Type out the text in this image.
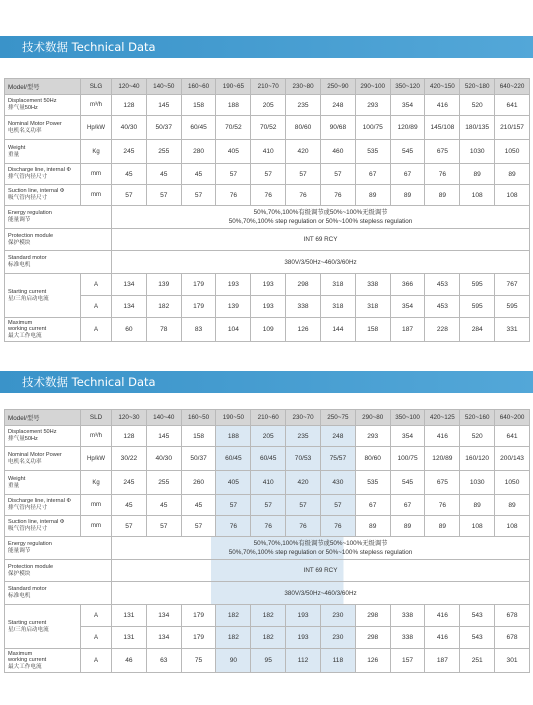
技术数据 Technical Data
Model/型号	SLG	120~40	140~50	160~60	190~65	210~70	230~80	250~90	290~100	350~120	420~150	520~180	640~220

Displacement 50Hz
排气量50Hz	m³/h	128	145	158	188	205	235	248	293	354	416	520	641

Nominal Motor Power
电机名义功率	Hp/kW	40/30	50/37	60/45	70/52	70/52	80/60	90/68	100/75	120/89	145/108	180/135	210/157

Weight
重量	Kg	245	255	280	405	410	420	460	535	545	675	1030	1050

Discharge line, internal Φ
排气管内径尺寸	mm	45	45	45	57	57	57	57	67	67	76	89	89

Suction line, internal Φ
吸气管内径尺寸	mm	57	57	57	76	76	76	76	89	89	89	108	108

Energy regulation
能量调节		50%,70%,100%有级调节或50%~100%无级调节
50%,70%,100% step regulation or 50%~100% stepless regulation											

Protection module
保护模块		INT 69 RCY											

Standard motor
标准电机		380V/3/50Hz~460/3/60Hz											

Starting current
星/三角启动电流	A	134	139	179	193	193	298	318	338	366	453	595	767
	A	134	182	179	139	193	338	318	318	354	453	595	595

Maximum
working current
最大工作电流	A	60	78	83	104	109	126	144	158	187	228	284	331
技术数据 Technical Data
Model/型号	SLD	120~30	140~40	160~50	190~50	210~60	230~70	250~75	290~80	350~100	420~125	520~160	640~200

Displacement 50Hz
排气量50Hz	m³/h	128	145	158	188	205	235	248	293	354	416	520	641

Nominal Motor Power
电机名义功率	Hp/kW	30/22	40/30	50/37	60/45	60/45	70/53	75/57	80/60	100/75	120/89	160/120	200/143

Weight
重量	Kg	245	255	260	405	410	420	430	535	545	675	1030	1050

Discharge line, internal Φ
排气管内径尺寸	mm	45	45	45	57	57	57	57	67	67	76	89	89

Suction line, internal Φ
吸气管内径尺寸	mm	57	57	57	76	76	76	76	89	89	89	108	108

Energy regulation
能量调节		50%,70%,100%有级调节或50%~100%无级调节
50%,70%,100% step regulation or 50%~100% stepless regulation											

Protection module
保护模块		INT 69 RCY											

Standard motor
标准电机		380V/3/50Hz~460/3/60Hz											

Starting current
星/三角启动电流	A	131	134	179	182	182	193	230	298	338	416	543	678
	A	131	134	179	182	182	193	230	298	338	416	543	678

Maximum
working current
最大工作电流	A	46	63	75	90	95	112	118	126	157	187	251	301
